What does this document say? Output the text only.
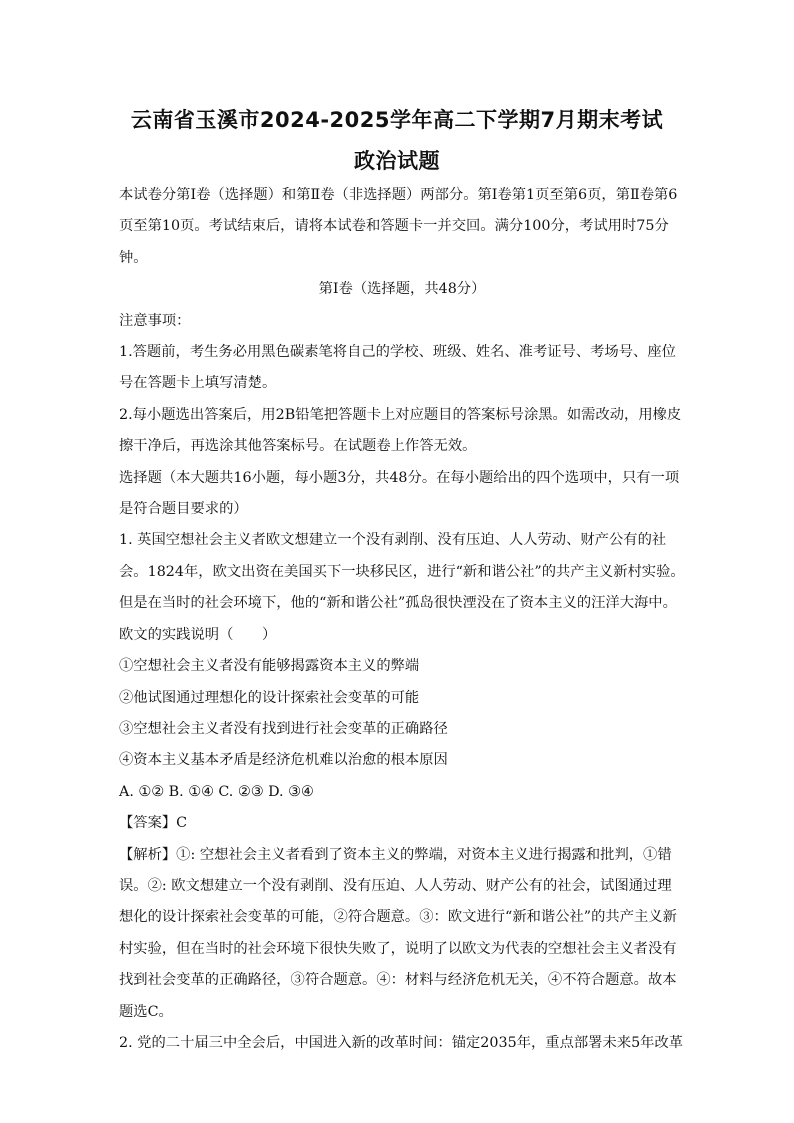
云南省玉溪市2024-2025学年高二下学期7月期末考试
政治试题

本试卷分第Ⅰ卷（选择题）和第Ⅱ卷（非选择题）两部分。第Ⅰ卷第1页至第6页，第Ⅱ卷第6页至第10页。考试结束后，请将本试卷和答题卡一并交回。满分100分，考试用时75分钟。

第Ⅰ卷（选择题，共48分）

注意事项：

1.答题前，考生务必用黑色碳素笔将自己的学校、班级、姓名、准考证号、考场号、座位号在答题卡上填写清楚。

2.每小题选出答案后，用2B铅笔把答题卡上对应题目的答案标号涂黑。如需改动，用橡皮擦干净后，再选涂其他答案标号。在试题卷上作答无效。

选择题（本大题共16小题，每小题3分，共48分。在每小题给出的四个选项中，只有一项是符合题目要求的）

1. 英国空想社会主义者欧文想建立一个没有剥削、没有压迫、人人劳动、财产公有的社会。1824年，欧文出资在美国买下一块移民区，进行“新和谐公社”的共产主义新村实验。但是在当时的社会环境下，他的“新和谐公社”孤岛很快湮没在了资本主义的汪洋大海中。欧文的实践说明（　　）

①空想社会主义者没有能够揭露资本主义的弊端

②他试图通过理想化的设计探索社会变革的可能

③空想社会主义者没有找到进行社会变革的正确路径

④资本主义基本矛盾是经济危机难以治愈的根本原因

A. ①② B. ①④ C. ②③ D. ③④

【答案】C

【解析】①: 空想社会主义者看到了资本主义的弊端，对资本主义进行揭露和批判，①错误。②: 欧文想建立一个没有剥削、没有压迫、人人劳动、财产公有的社会，试图通过理想化的设计探索社会变革的可能，②符合题意。③：欧文进行“新和谐公社”的共产主义新村实验，但在当时的社会环境下很快失败了，说明了以欧文为代表的空想社会主义者没有找到社会变革的正确路径，③符合题意。④：材料与经济危机无关，④不符合题意。故本题选C。

2. 党的二十届三中全会后，中国进入新的改革时间：锚定2035年，重点部署未来5年改革
